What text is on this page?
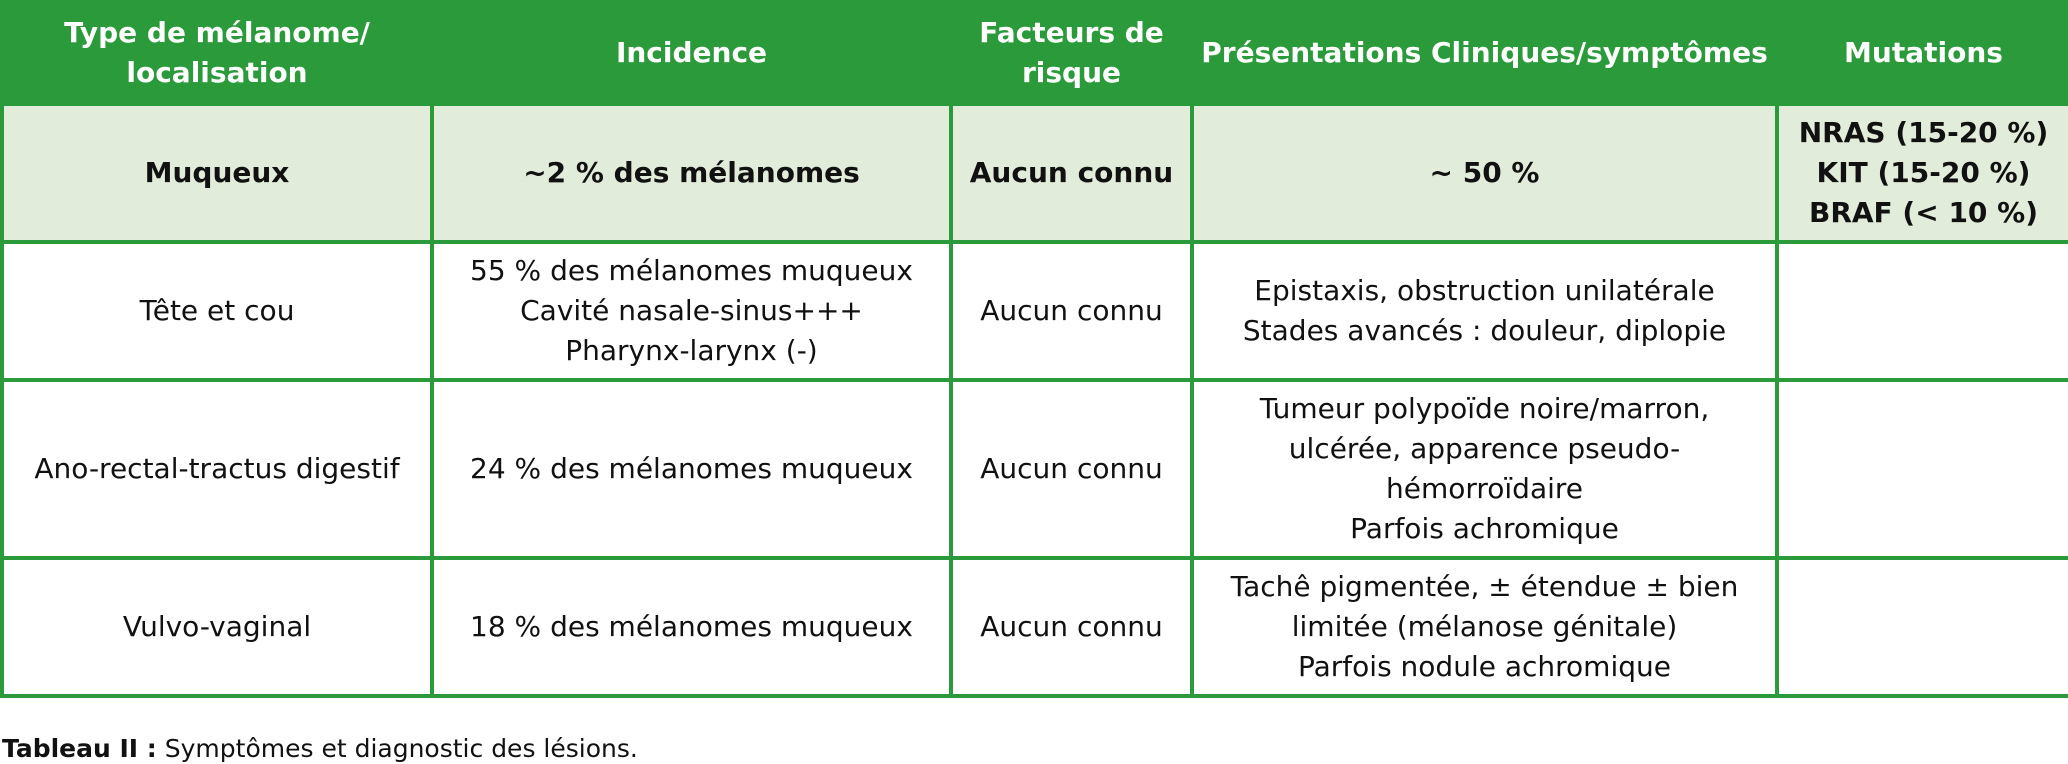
Type de mélanome/
localisation	Incidence	Facteurs de
risque	Présentations Cliniques/symptômes	Mutations

Muqueux	~2 % des mélanomes	Aucun connu	~ 50 %	NRAS (15-20 %)
KIT (15-20 %)
BRAF (< 10 %)

Tête et cou	55 % des mélanomes muqueux
Cavité nasale-sinus+++
Pharynx-larynx (-)	Aucun connu	Epistaxis, obstruction unilatérale
Stades avancés : douleur, diplopie	

Ano-rectal-tractus digestif	24 % des mélanomes muqueux	Aucun connu	Tumeur polypoïde noire/marron,
ulcérée, apparence pseudo-
hémorroïdaire
Parfois achromique	

Vulvo-vaginal	18 % des mélanomes muqueux	Aucun connu	Tachê pigmentée, ± étendue ± bien
limitée (mélanose génitale)
Parfois nodule achromique	

Tableau II : Symptômes et diagnostic des lésions.
